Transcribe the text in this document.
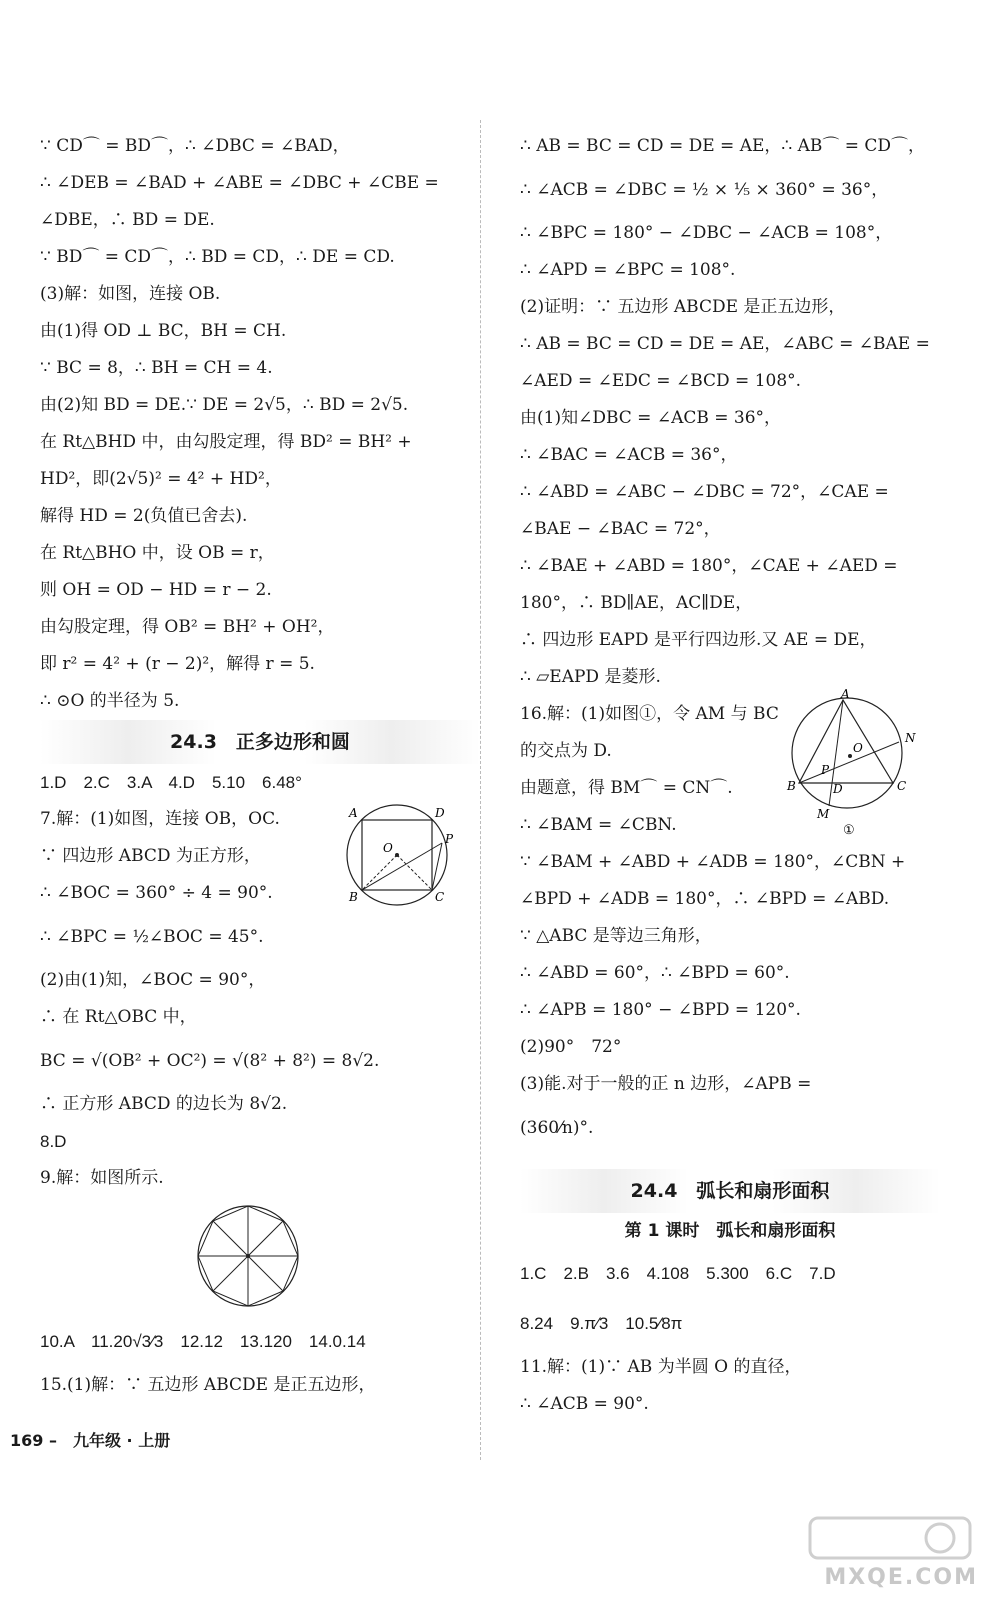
∵ CD⌒ = BD⌒，∴ ∠DBC = ∠BAD，
∴ ∠DEB = ∠BAD + ∠ABE = ∠DBC + ∠CBE =
∠DBE，∴ BD = DE.
∵ BD⌒ = CD⌒，∴ BD = CD，∴ DE = CD.
(3)解：如图，连接 OB.
由(1)得 OD ⊥ BC，BH = CH.
∵ BC = 8，∴ BH = CH = 4.
由(2)知 BD = DE.∵ DE = 2√5，∴ BD = 2√5.
在 Rt△BHD 中，由勾股定理，得 BD² = BH² +
HD²，即(2√5)² = 4² + HD²，
解得 HD = 2(负值已舍去).
在 Rt△BHO 中，设 OB = r，
则 OH = OD − HD = r − 2.
由勾股定理，得 OB² = BH² + OH²，
即 r² = 4² + (r − 2)²，解得 r = 5.
∴ ⊙O 的半径为 5.
24.3　正多边形和圆
1.D　2.C　3.A　4.D　5.10　6.48°
7.解：(1)如图，连接 OB，OC.
∵ 四边形 ABCD 为正方形，
∴ ∠BOC = 360° ÷ 4 = 90°.
∴ ∠BPC = ½∠BOC = 45°.
(2)由(1)知，∠BOC = 90°，
∴ 在 Rt△OBC 中，
BC = √(OB² + OC²) = √(8² + 8²) = 8√2.
∴ 正方形 ABCD 的边长为 8√2.
A	D
B	C
O
P
8.D
9.解：如图所示.
10.A　11.20√3⁄3　12.12　13.120　14.0.14
15.(1)解：∵ 五边形 ABCDE 是正五边形，
∴ AB = BC = CD = DE = AE，∴ AB⌒ = CD⌒，
∴ ∠ACB = ∠DBC = ½ × ⅕ × 360° = 36°，
∴ ∠BPC = 180° − ∠DBC − ∠ACB = 108°，
∴ ∠APD = ∠BPC = 108°.
(2)证明：∵ 五边形 ABCDE 是正五边形，
∴ AB = BC = CD = DE = AE，∠ABC = ∠BAE =
∠AED = ∠EDC = ∠BCD = 108°.
由(1)知∠DBC = ∠ACB = 36°，
∴ ∠BAC = ∠ACB = 36°，
∴ ∠ABD = ∠ABC − ∠DBC = 72°，∠CAE =
∠BAE − ∠BAC = 72°，
∴ ∠BAE + ∠ABD = 180°，∠CAE + ∠AED =
180°，∴ BD∥AE，AC∥DE，
∴ 四边形 EAPD 是平行四边形.又 AE = DE，
∴ ▱EAPD 是菱形.
16.解：(1)如图①，令 AM 与 BC
的交点为 D.
由题意，得 BM⌒ = CN⌒.
∴ ∠BAM = ∠CBN.
∵ ∠BAM + ∠ABD + ∠ADB = 180°，∠CBN +
∠BPD + ∠ADB = 180°，∴ ∠BPD = ∠ABD.
∵ △ABC 是等边三角形，
∴ ∠ABD = 60°，∴ ∠BPD = 60°.
∴ ∠APB = 180° − ∠BPD = 120°.
(2)90°　72°
(3)能.对于一般的正 n 边形，∠APB =
(360⁄n)°.
A
B	C
D
M
N
O
P
①
24.4　弧长和扇形面积
第 1 课时　弧长和扇形面积
1.C　2.B　3.6　4.108　5.300　6.C　7.D
8.24　9.π⁄3　10.5⁄8π
11.解：(1)∵ AB 为半圆 O 的直径，
∴ ∠ACB = 90°.
169 –　九年级 · 上册
MXQE.COM
